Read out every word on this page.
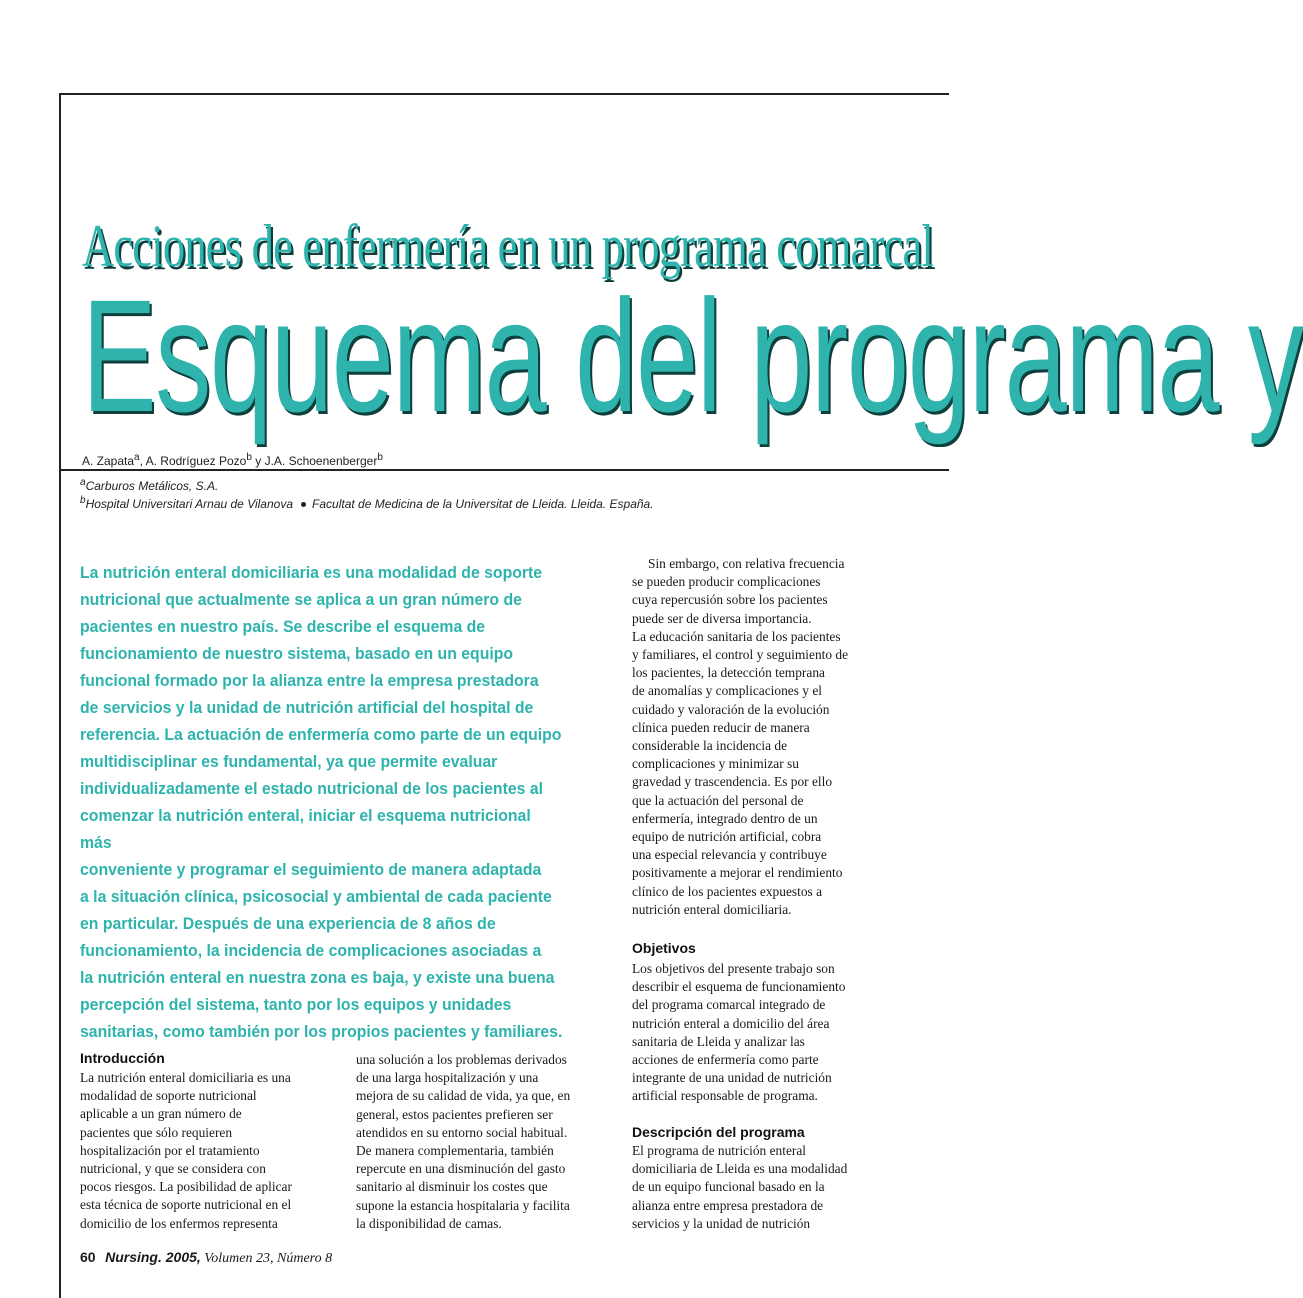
Acciones de enfermería en un programa comarcal
Esquema del programa y
A. Zapata$^a$, A. Rodríguez Pozo$^b$ y J.A. Schoenenberger$^b$
$^a$Carburos Metálicos, S.A.
$^b$Hospital Universitari Arnau de Vilanova Facultat de Medicina de la Universitat de Lleida. Lleida. España.
La nutrición enteral domiciliaria es una modalidad de soporte
nutricional que actualmente se aplica a un gran número de
pacientes en nuestro país. Se describe el esquema de
funcionamiento de nuestro sistema, basado en un equipo
funcional formado por la alianza entre la empresa prestadora
de servicios y la unidad de nutrición artificial del hospital de
referencia. La actuación de enfermería como parte de un equipo
multidisciplinar es fundamental, ya que permite evaluar
individualizadamente el estado nutricional de los pacientes al
comenzar la nutrición enteral, iniciar el esquema nutricional más
conveniente y programar el seguimiento de manera adaptada
a la situación clínica, psicosocial y ambiental de cada paciente
en particular. Después de una experiencia de 8 años de
funcionamiento, la incidencia de complicaciones asociadas a
la nutrición enteral en nuestra zona es baja, y existe una buena
percepción del sistema, tanto por los equipos y unidades
sanitarias, como también por los propios pacientes y familiares.
Introducción
La nutrición enteral domiciliaria es una
modalidad de soporte nutricional
aplicable a un gran número de
pacientes que sólo requieren
hospitalización por el tratamiento
nutricional, y que se considera con
pocos riesgos. La posibilidad de aplicar
esta técnica de soporte nutricional en el
domicilio de los enfermos representa
una solución a los problemas derivados
de una larga hospitalización y una
mejora de su calidad de vida, ya que, en
general, estos pacientes prefieren ser
atendidos en su entorno social habitual.
De manera complementaria, también
repercute en una disminución del gasto
sanitario al disminuir los costes que
supone la estancia hospitalaria y facilita
la disponibilidad de camas.
Sin embargo, con relativa frecuencia
se pueden producir complicaciones
cuya repercusión sobre los pacientes
puede ser de diversa importancia.
La educación sanitaria de los pacientes
y familiares, el control y seguimiento de
los pacientes, la detección temprana
de anomalías y complicaciones y el
cuidado y valoración de la evolución
clínica pueden reducir de manera
considerable la incidencia de
complicaciones y minimizar su
gravedad y trascendencia. Es por ello
que la actuación del personal de
enfermería, integrado dentro de un
equipo de nutrición artificial, cobra
una especial relevancia y contribuye
positivamente a mejorar el rendimiento
clínico de los pacientes expuestos a
nutrición enteral domiciliaria.
Objetivos
Los objetivos del presente trabajo son
describir el esquema de funcionamiento
del programa comarcal integrado de
nutrición enteral a domicilio del área
sanitaria de Lleida y analizar las
acciones de enfermería como parte
integrante de una unidad de nutrición
artificial responsable de programa.
Descripción del programa
El programa de nutrición enteral
domiciliaria de Lleida es una modalidad
de un equipo funcional basado en la
alianza entre empresa prestadora de
servicios y la unidad de nutrición
60 Nursing. 2005, Volumen 23, Número 8
